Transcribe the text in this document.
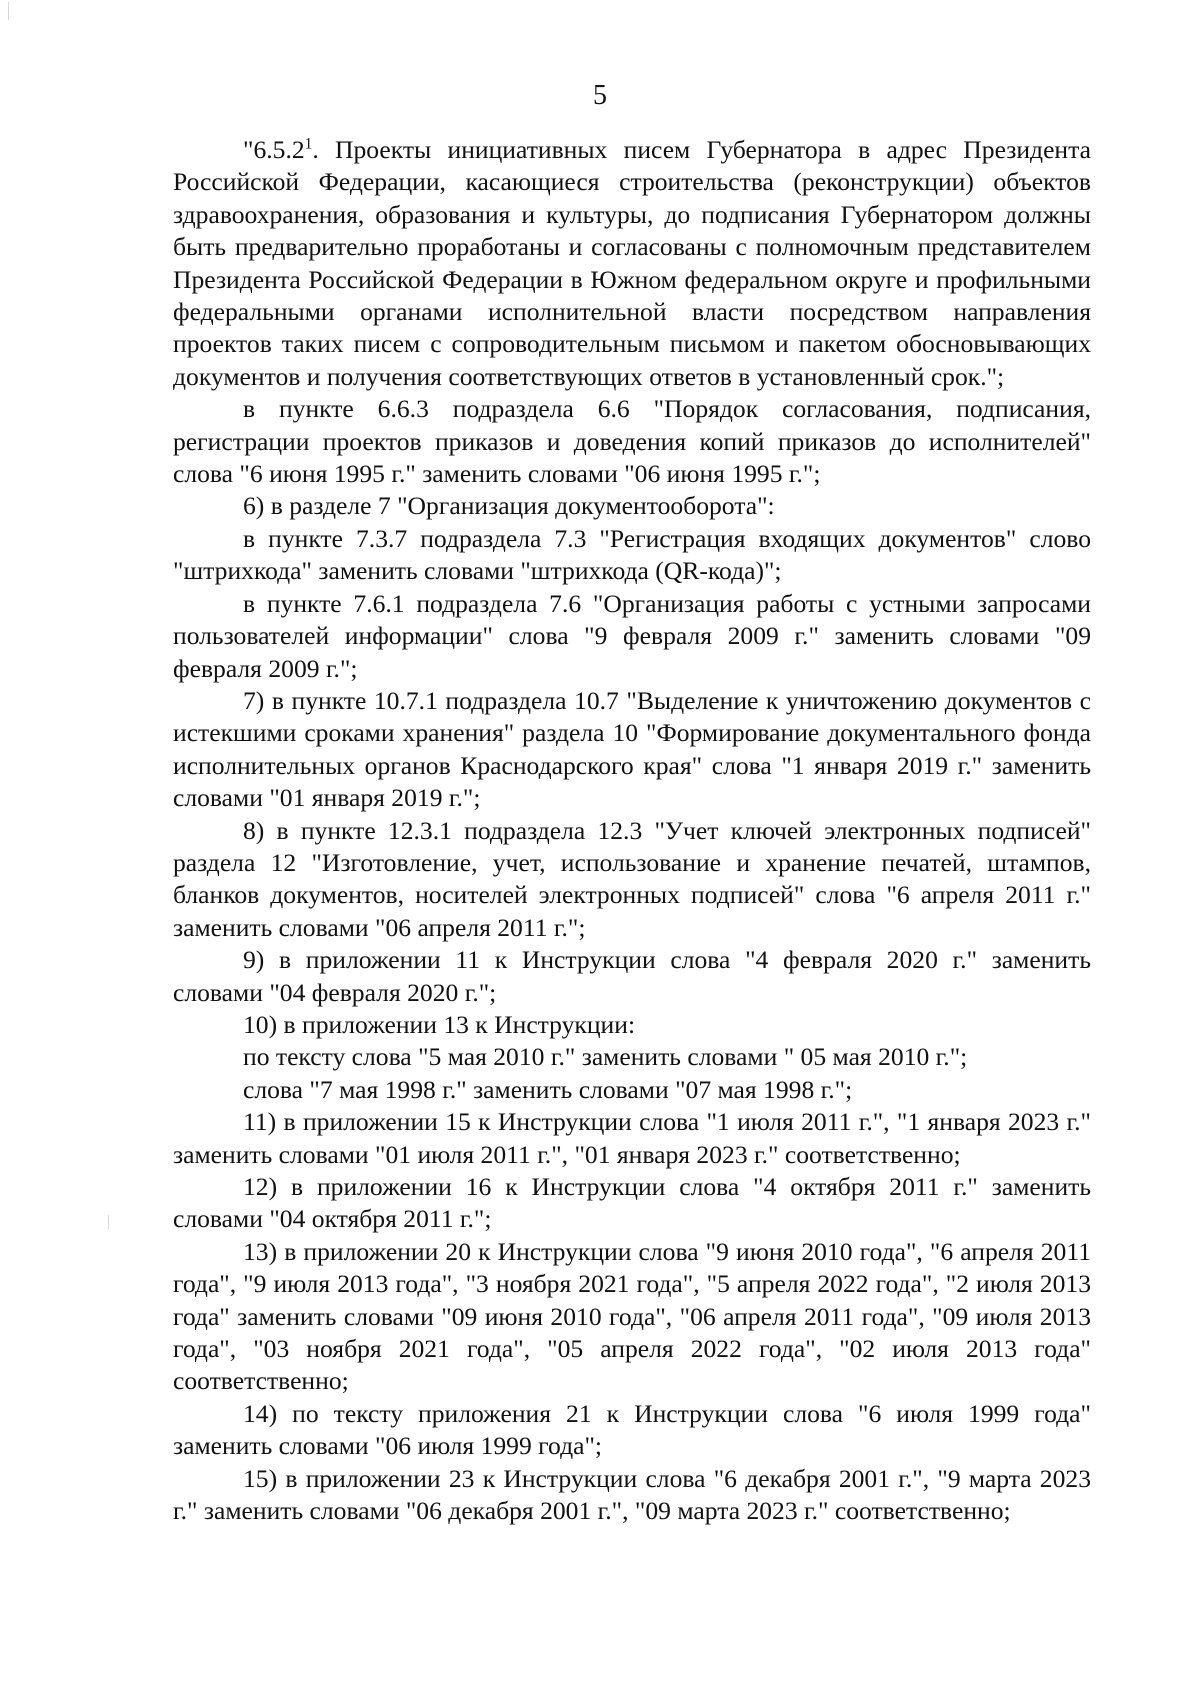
5

"6.5.2$^1$. Проекты инициативных писем Губернатора в адрес Президента Российской Федерации, касающиеся строительства (реконструкции) объектов здравоохранения, образования и культуры, до подписания Губернатором должны быть предварительно проработаны и согласованы с полномочным представителем Президента Российской Федерации в Южном федеральном округе и профильными федеральными органами исполнительной власти посредством направления проектов таких писем с сопроводительным письмом и пакетом обосновывающих документов и получения соответствующих ответов в установленный срок.";

в пункте 6.6.3 подраздела 6.6 "Порядок согласования, подписания, регистрации проектов приказов и доведения копий приказов до исполнителей" слова "6 июня 1995 г." заменить словами "06 июня 1995 г.";

6) в разделе 7 "Организация документооборота":

в пункте 7.3.7 подраздела 7.3 "Регистрация входящих документов" слово "штрихкода" заменить словами "штрихкода (QR-кода)";

в пункте 7.6.1 подраздела 7.6 "Организация работы с устными запросами пользователей информации" слова "9 февраля 2009 г." заменить словами "09 февраля 2009 г.";

7) в пункте 10.7.1 подраздела 10.7 "Выделение к уничтожению документов с истекшими сроками хранения" раздела 10 "Формирование документального фонда исполнительных органов Краснодарского края" слова "1 января 2019 г." заменить словами "01 января 2019 г.";

8) в пункте 12.3.1 подраздела 12.3 "Учет ключей электронных подписей" раздела 12 "Изготовление, учет, использование и хранение печатей, штампов, бланков документов, носителей электронных подписей" слова "6 апреля 2011 г." заменить словами "06 апреля 2011 г.";

9) в приложении 11 к Инструкции слова "4 февраля 2020 г." заменить словами "04 февраля 2020 г.";

10) в приложении 13 к Инструкции:

по тексту слова "5 мая 2010 г." заменить словами " 05 мая 2010 г.";

слова "7 мая 1998 г." заменить словами "07 мая 1998 г.";

11) в приложении 15 к Инструкции слова "1 июля 2011 г.", "1 января 2023 г." заменить словами "01 июля 2011 г.", "01 января 2023 г." соответственно;

12) в приложении 16 к Инструкции слова "4 октября 2011 г." заменить словами "04 октября 2011 г.";

13) в приложении 20 к Инструкции слова "9 июня 2010 года", "6 апреля 2011 года", "9 июля 2013 года", "3 ноября 2021 года", "5 апреля 2022 года", "2 июля 2013 года" заменить словами "09 июня 2010 года", "06 апреля 2011 года", "09 июля 2013 года", "03 ноября 2021 года", "05 апреля 2022 года", "02 июля 2013 года" соответственно;

14) по тексту приложения 21 к Инструкции слова "6 июля 1999 года" заменить словами "06 июля 1999 года";

15) в приложении 23 к Инструкции слова "6 декабря 2001 г.", "9 марта 2023 г." заменить словами "06 декабря 2001 г.", "09 марта 2023 г." соответственно;
